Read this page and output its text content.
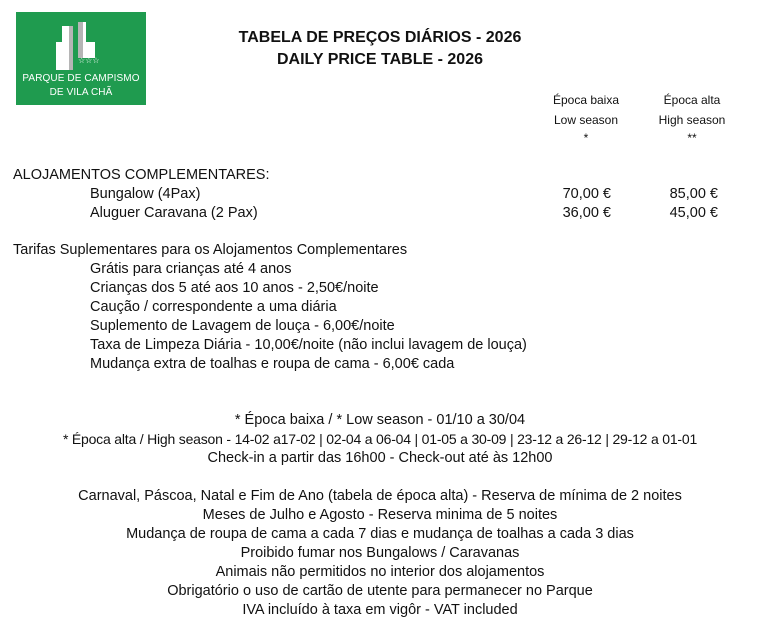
☆☆☆
PARQUE DE CAMPISMO
DE VILA CHÃ
TABELA DE PREÇOS DIÁRIOS - 2026
DAILY PRICE TABLE - 2026
Época baixa
Low season
*
Época alta
High season
**
ALOJAMENTOS COMPLEMENTARES:
Bungalow (4Pax)	70,00 €	85,00 €
Aluguer Caravana (2 Pax)	36,00 €	45,00 €
Tarifas Suplementares para os Alojamentos Complementares
Grátis para crianças até 4 anos
Crianças dos 5 até aos 10 anos - 2,50€/noite
Caução / correspondente a uma diária
Suplemento de Lavagem de louça - 6,00€/noite
Taxa de Limpeza Diária - 10,00€/noite (não inclui lavagem de louça)
Mudança extra de toalhas e roupa de cama - 6,00€ cada
* Época baixa / * Low season - 01/10 a 30/04
* Época alta / High season - 14-02 a17-02 | 02-04 a 06-04 | 01-05 a 30-09 | 23-12 a 26-12 | 29-12 a 01-01
Check-in a partir das 16h00 - Check-out até às 12h00
Carnaval, Páscoa, Natal e Fim de Ano (tabela de época alta) - Reserva de mínima de 2 noites
Meses de Julho e Agosto - Reserva minima de 5 noites
Mudança de roupa de cama a cada 7 dias e mudança de toalhas a cada 3 dias
Proibido fumar nos Bungalows / Caravanas
Animais não permitidos no interior dos alojamentos
Obrigatório o uso de cartão de utente para permanecer no Parque
IVA incluído à taxa em vigôr - VAT included
